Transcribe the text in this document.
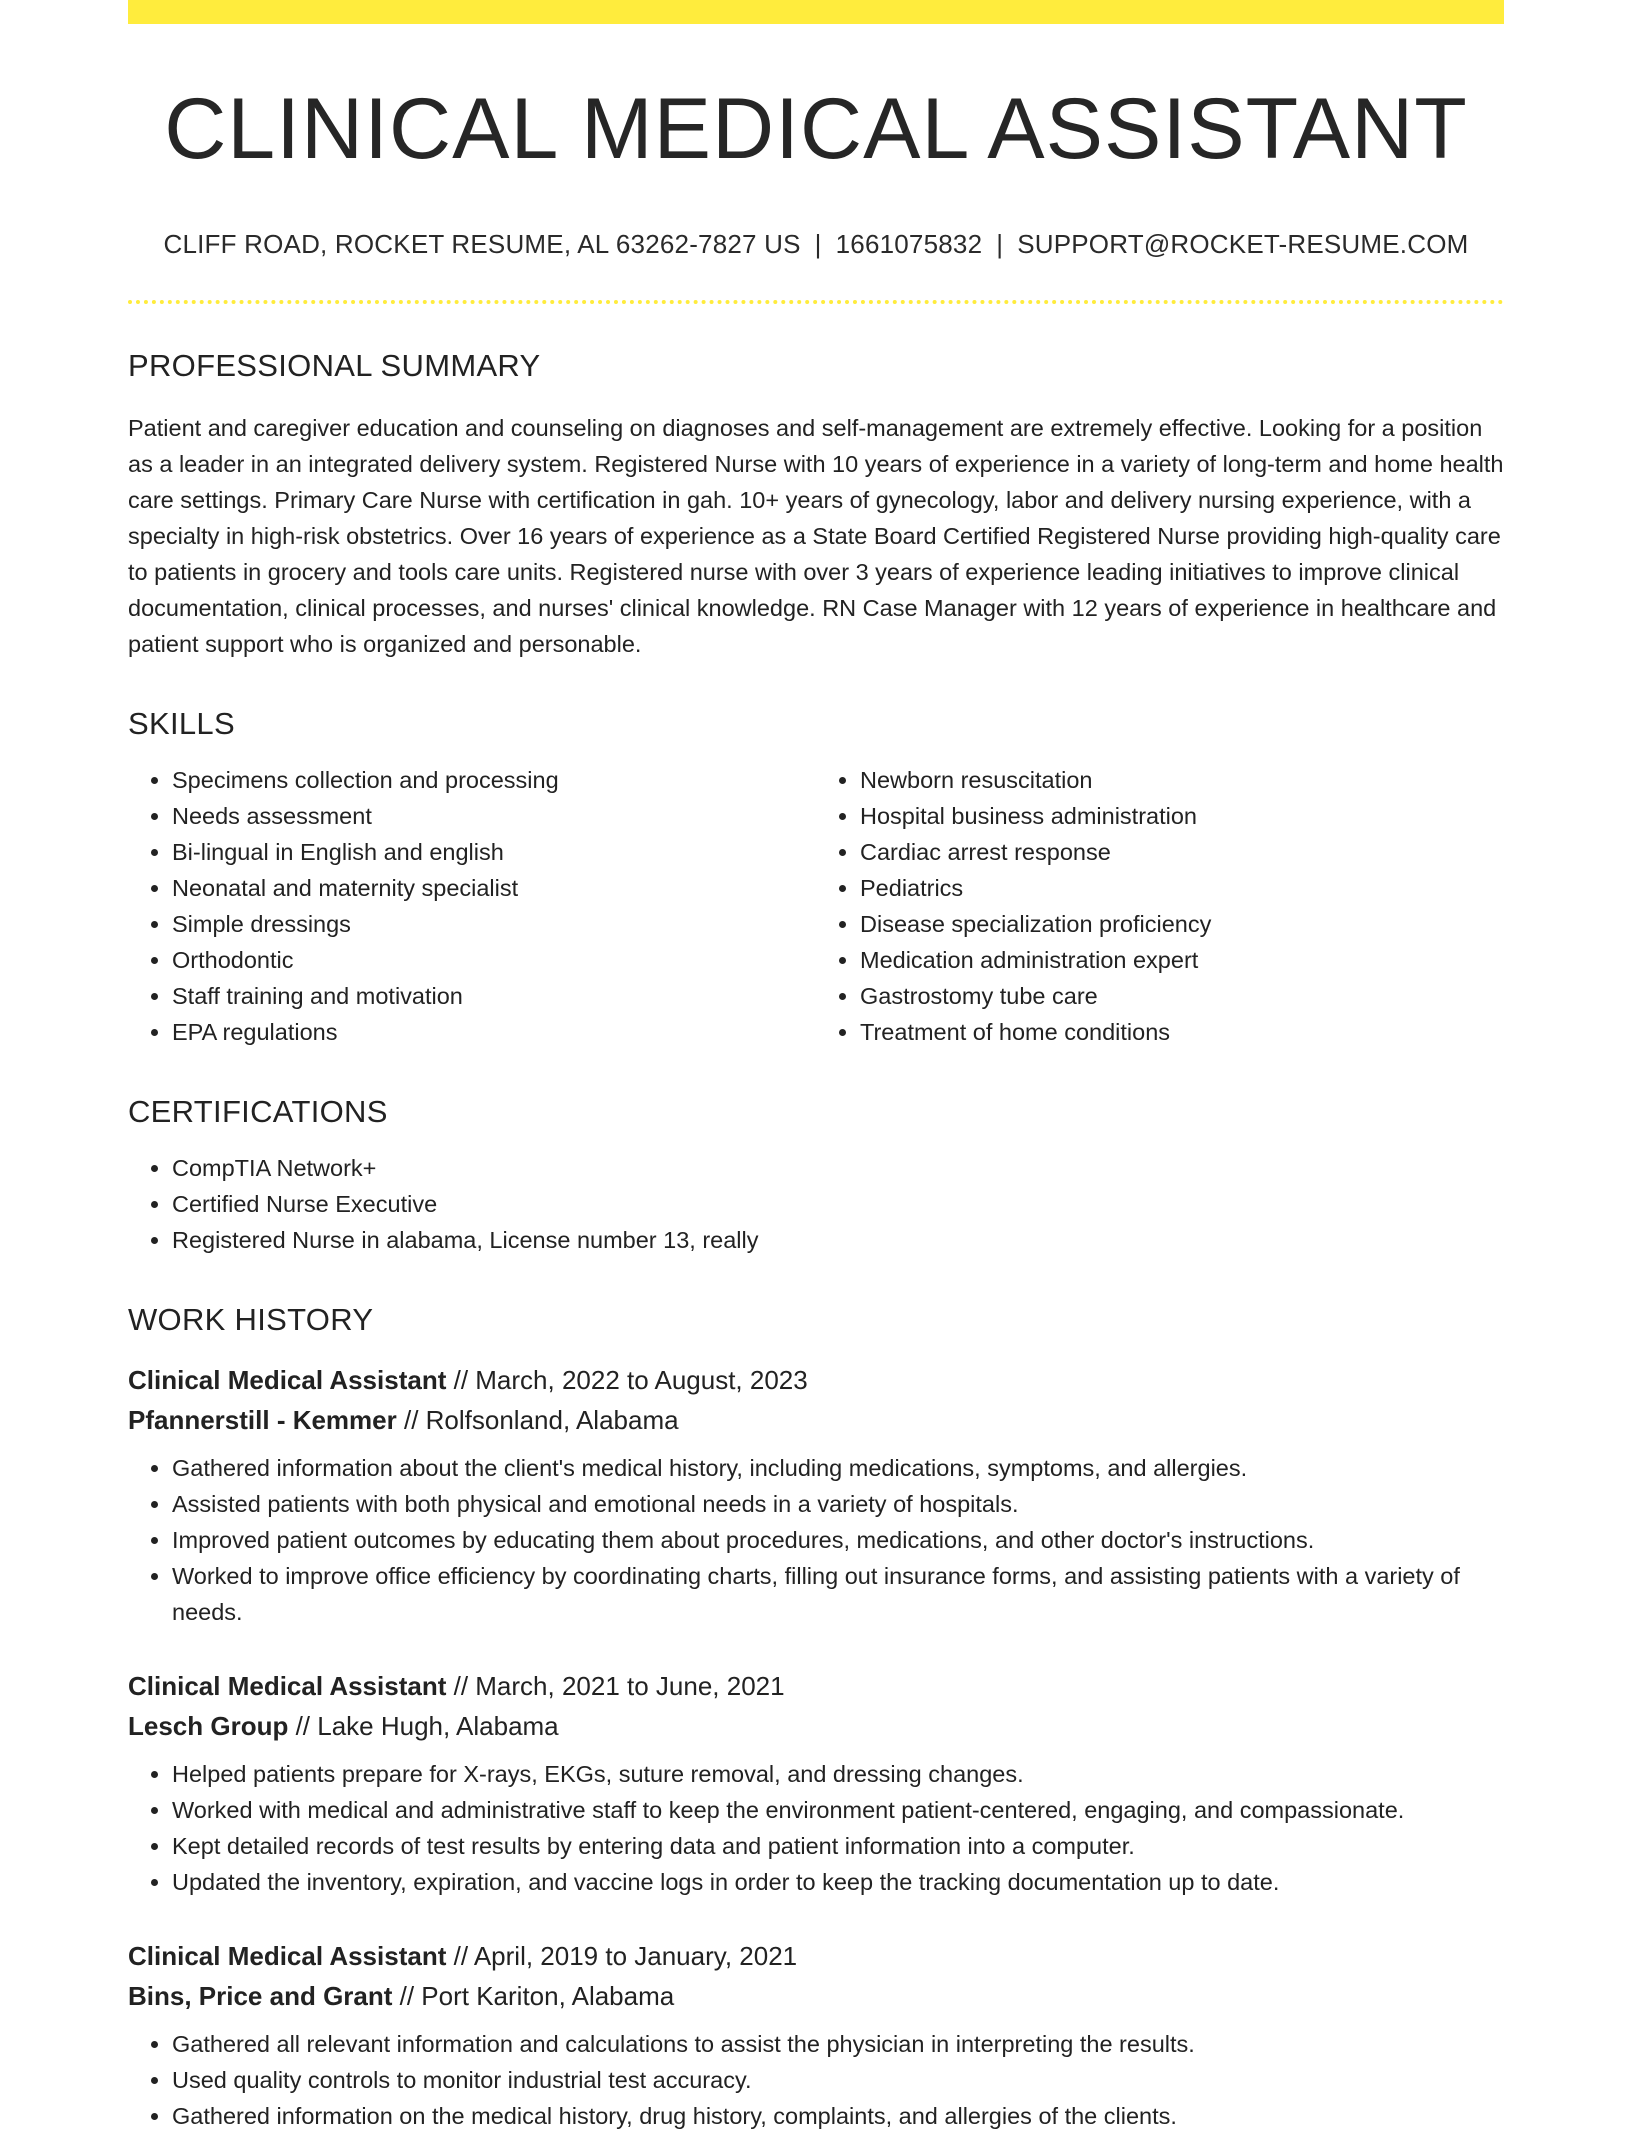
CLINICAL MEDICAL ASSISTANT
CLIFF ROAD, ROCKET RESUME, AL 63262-7827 US | 1661075832 | SUPPORT@ROCKET-RESUME.COM
PROFESSIONAL SUMMARY

Patient and caregiver education and counseling on diagnoses and self-management are extremely effective. Looking for a position as a leader in an integrated delivery system. Registered Nurse with 10 years of experience in a variety of long-term and home health care settings. Primary Care Nurse with certification in gah. 10+ years of gynecology, labor and delivery nursing experience, with a specialty in high-risk obstetrics. Over 16 years of experience as a State Board Certified Registered Nurse providing high-quality care to patients in grocery and tools care units. Registered nurse with over 3 years of experience leading initiatives to improve clinical documentation, clinical processes, and nurses' clinical knowledge. RN Case Manager with 12 years of experience in healthcare and patient support who is organized and personable.

SKILLS
• Specimens collection and processing
• Needs assessment
• Bi-lingual in English and english
• Neonatal and maternity specialist
• Simple dressings
• Orthodontic
• Staff training and motivation
• EPA regulations
• Newborn resuscitation
• Hospital business administration
• Cardiac arrest response
• Pediatrics
• Disease specialization proficiency
• Medication administration expert
• Gastrostomy tube care
• Treatment of home conditions
CERTIFICATIONS
• CompTIA Network+
• Certified Nurse Executive
• Registered Nurse in alabama, License number 13, really
WORK HISTORY
Clinical Medical Assistant // March, 2022 to August, 2023
Pfannerstill - Kemmer // Rolfsonland, Alabama
• Gathered information about the client's medical history, including medications, symptoms, and allergies.
• Assisted patients with both physical and emotional needs in a variety of hospitals.
• Improved patient outcomes by educating them about procedures, medications, and other doctor's instructions.
• Worked to improve office efficiency by coordinating charts, filling out insurance forms, and assisting patients with a variety of needs.
Clinical Medical Assistant // March, 2021 to June, 2021
Lesch Group // Lake Hugh, Alabama
• Helped patients prepare for X-rays, EKGs, suture removal, and dressing changes.
• Worked with medical and administrative staff to keep the environment patient-centered, engaging, and compassionate.
• Kept detailed records of test results by entering data and patient information into a computer.
• Updated the inventory, expiration, and vaccine logs in order to keep the tracking documentation up to date.
Clinical Medical Assistant // April, 2019 to January, 2021
Bins, Price and Grant // Port Kariton, Alabama
• Gathered all relevant information and calculations to assist the physician in interpreting the results.
• Used quality controls to monitor industrial test accuracy.
• Gathered information on the medical history, drug history, complaints, and allergies of the clients.
